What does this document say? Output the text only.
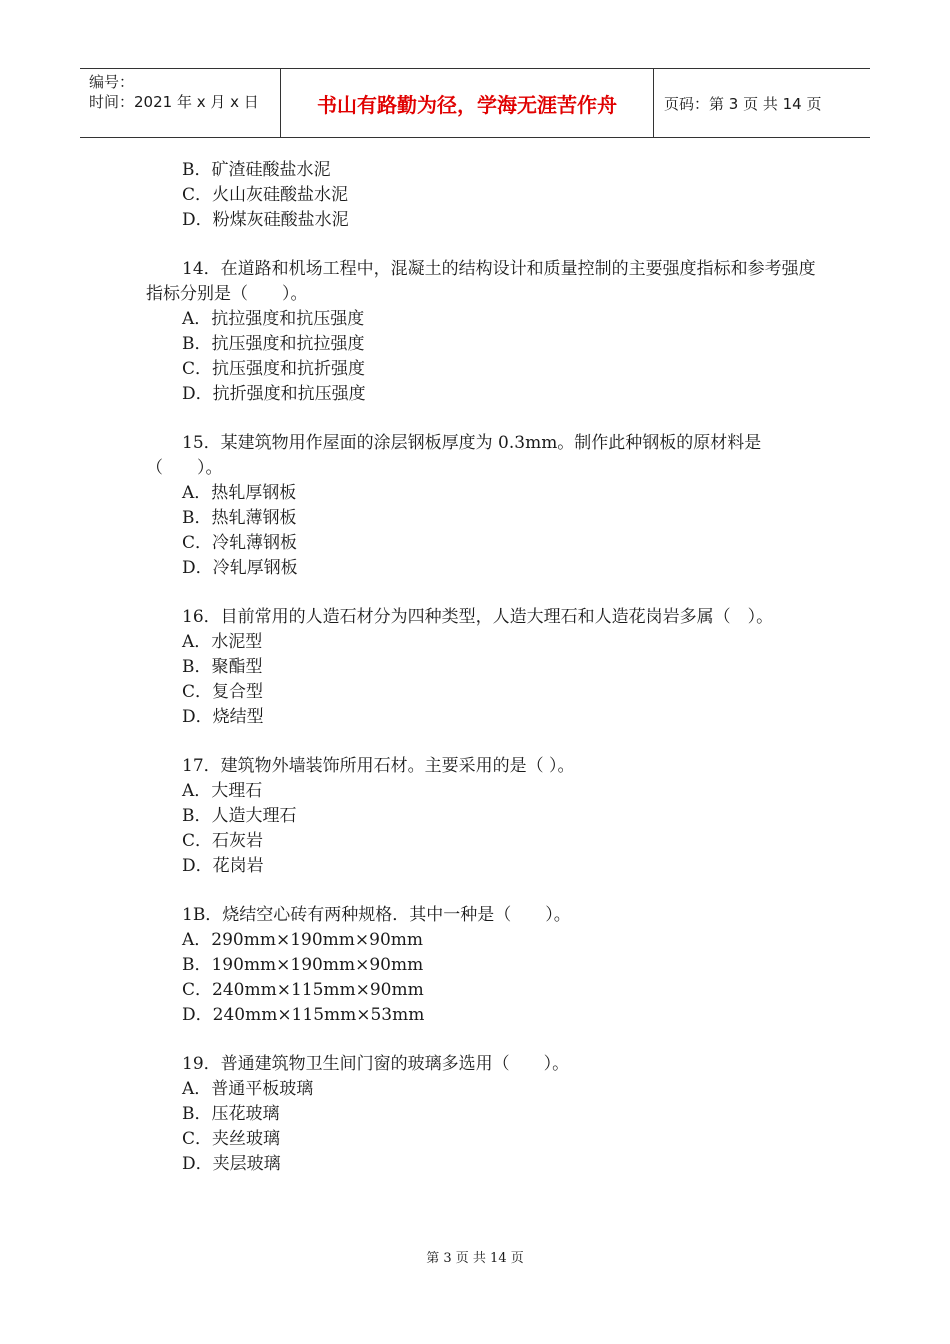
编号：
时间：2021 年 x 月 x 日	书山有路勤为径，学海无涯苦作舟	页码：第 3 页 共 14 页
B．矿渣硅酸盐水泥
C．火山灰硅酸盐水泥
D．粉煤灰硅酸盐水泥
14．在道路和机场工程中，混凝土的结构设计和质量控制的主要强度指标和参考强度指标分别是（　　）。
A．抗拉强度和抗压强度
B．抗压强度和抗拉强度
C．抗压强度和抗折强度
D．抗折强度和抗压强度
15．某建筑物用作屋面的涂层钢板厚度为 0.3mm。制作此种钢板的原材料是（　　）。
A．热轧厚钢板
B．热轧薄钢板
C．冷轧薄钢板
D．冷轧厚钢板
16．目前常用的人造石材分为四种类型，人造大理石和人造花岗岩多属（　）。
A．水泥型
B．聚酯型
C．复合型
D．烧结型
17．建筑物外墙装饰所用石材。主要采用的是（ ）。
A．大理石
B．人造大理石
C．石灰岩
D．花岗岩
1B．烧结空心砖有两种规格．其中一种是（　　）。
A．290mm×190mm×90mm
B．190mm×190mm×90mm
C．240mm×115mm×90mm
D．240mm×115mm×53mm
19．普通建筑物卫生间门窗的玻璃多选用（　　）。
A．普通平板玻璃
B．压花玻璃
C．夹丝玻璃
D．夹层玻璃
第 3 页 共 14 页
